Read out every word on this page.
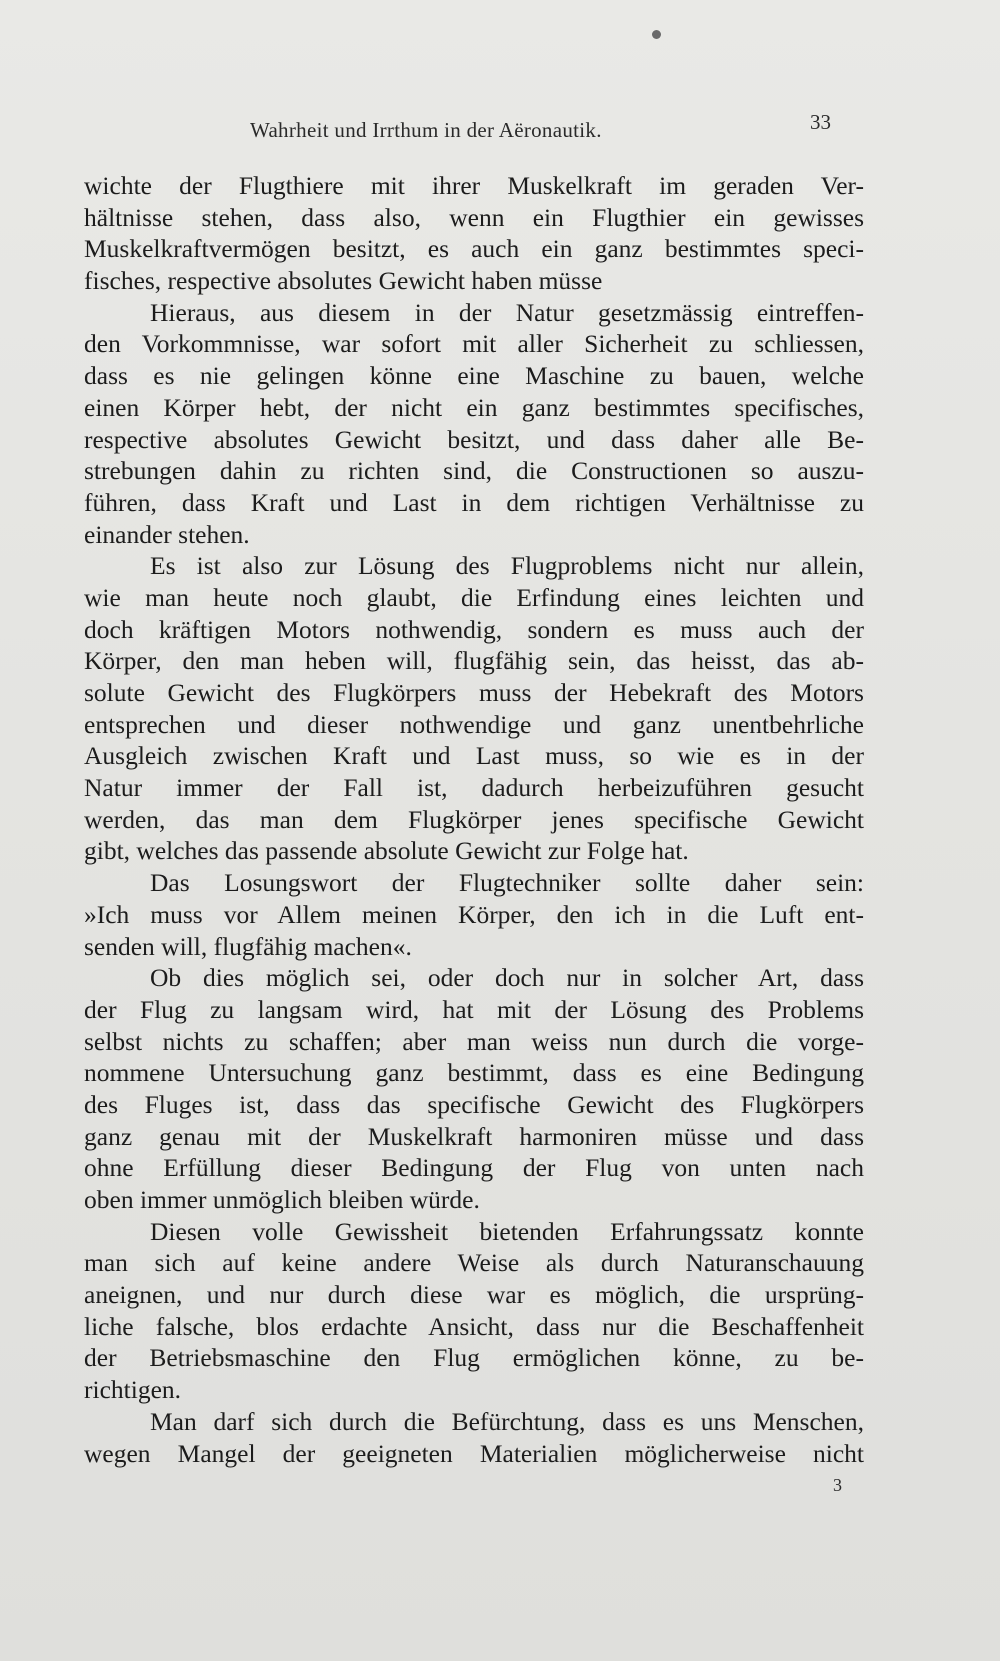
Wahrheit und Irrthum in der Aëronautik.	33
wichte der Flugthiere mit ihrer Muskelkraft im geraden Ver-
hältnisse stehen, dass also, wenn ein Flugthier ein gewisses
Muskelkraftvermögen besitzt, es auch ein ganz bestimmtes speci-
fisches, respective absolutes Gewicht haben müsse
Hieraus, aus diesem in der Natur gesetzmässig eintreffen-
den Vorkommnisse, war sofort mit aller Sicherheit zu schliessen,
dass es nie gelingen könne eine Maschine zu bauen, welche
einen Körper hebt, der nicht ein ganz bestimmtes specifisches,
respective absolutes Gewicht besitzt, und dass daher alle Be-
strebungen dahin zu richten sind, die Constructionen so auszu-
führen, dass Kraft und Last in dem richtigen Verhältnisse zu
einander stehen.
Es ist also zur Lösung des Flugproblems nicht nur allein,
wie man heute noch glaubt, die Erfindung eines leichten und
doch kräftigen Motors nothwendig, sondern es muss auch der
Körper, den man heben will, flugfähig sein, das heisst, das ab-
solute Gewicht des Flugkörpers muss der Hebekraft des Motors
entsprechen und dieser nothwendige und ganz unentbehrliche
Ausgleich zwischen Kraft und Last muss, so wie es in der
Natur immer der Fall ist, dadurch herbeizuführen gesucht
werden, das man dem Flugkörper jenes specifische Gewicht
gibt, welches das passende absolute Gewicht zur Folge hat.
Das Losungswort der Flugtechniker sollte daher sein:
»Ich muss vor Allem meinen Körper, den ich in die Luft ent-
senden will, flugfähig machen«.
Ob dies möglich sei, oder doch nur in solcher Art, dass
der Flug zu langsam wird, hat mit der Lösung des Problems
selbst nichts zu schaffen; aber man weiss nun durch die vorge-
nommene Untersuchung ganz bestimmt, dass es eine Bedingung
des Fluges ist, dass das specifische Gewicht des Flugkörpers
ganz genau mit der Muskelkraft harmoniren müsse und dass
ohne Erfüllung dieser Bedingung der Flug von unten nach
oben immer unmöglich bleiben würde.
Diesen volle Gewissheit bietenden Erfahrungssatz konnte
man sich auf keine andere Weise als durch Naturanschauung
aneignen, und nur durch diese war es möglich, die ursprüng-
liche falsche, blos erdachte Ansicht, dass nur die Beschaffenheit
der Betriebsmaschine den Flug ermöglichen könne, zu be-
richtigen.
Man darf sich durch die Befürchtung, dass es uns Menschen,
wegen Mangel der geeigneten Materialien möglicherweise nicht
3
